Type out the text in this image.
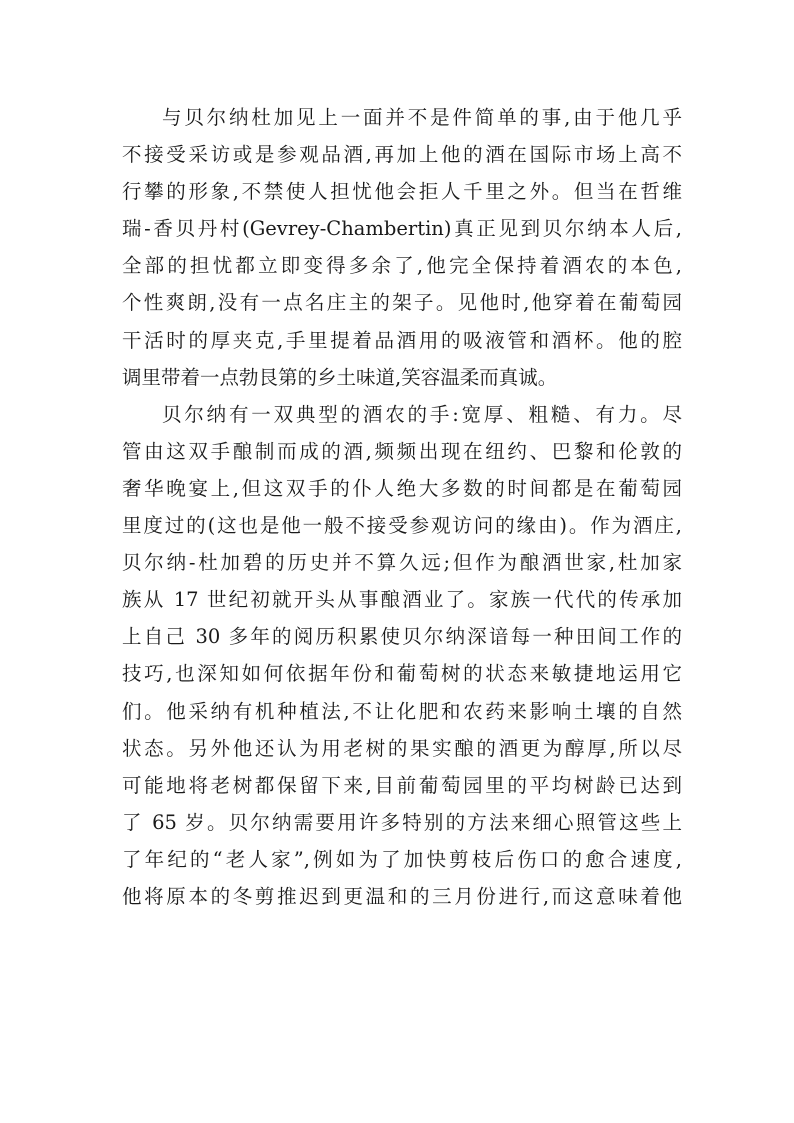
与贝尔纳杜加见上一面并不是件简单的事,由于他几乎
不接受采访或是参观品酒,再加上他的酒在国际市场上高不
行攀的形象,不禁使人担忧他会拒人千里之外。但当在哲维
瑞-香贝丹村(Gevrey-Chambertin)真正见到贝尔纳本人后,
全部的担忧都立即变得多余了,他完全保持着酒农的本色,
个性爽朗,没有一点名庄主的架子。见他时,他穿着在葡萄园
干活时的厚夹克,手里提着品酒用的吸液管和酒杯。他的腔
调里带着一点勃艮第的乡土味道,笑容温柔而真诚。
贝尔纳有一双典型的酒农的手:宽厚、粗糙、有力。尽
管由这双手酿制而成的酒,频频出现在纽约、巴黎和伦敦的
奢华晚宴上,但这双手的仆人绝大多数的时间都是在葡萄园
里度过的(这也是他一般不接受参观访问的缘由)。作为酒庄,
贝尔纳-杜加碧的历史并不算久远;但作为酿酒世家,杜加家
族从 17 世纪初就开头从事酿酒业了。家族一代代的传承加
上自己 30 多年的阅历积累使贝尔纳深谙每一种田间工作的
技巧,也深知如何依据年份和葡萄树的状态来敏捷地运用它
们。他采纳有机种植法,不让化肥和农药来影响土壤的自然
状态。另外他还认为用老树的果实酿的酒更为醇厚,所以尽
可能地将老树都保留下来,目前葡萄园里的平均树龄已达到
了 65 岁。贝尔纳需要用许多特别的方法来细心照管这些上
了年纪的“老人家”,例如为了加快剪枝后伤口的愈合速度,
他将原本的冬剪推迟到更温和的三月份进行,而这意味着他
